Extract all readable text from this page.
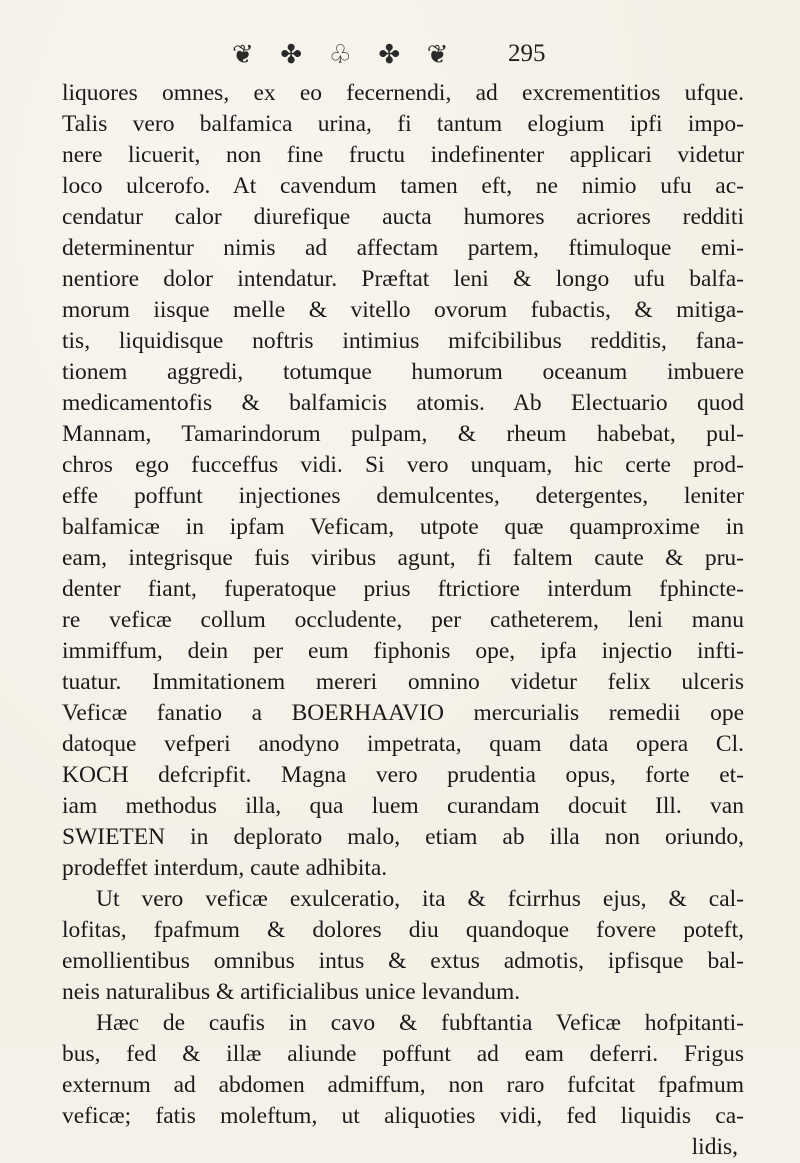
❦ ✤ ♧ ✤ ❦ 295
liquores omnes, ex eo fecernendi, ad excrementitios ufque.
Talis vero balfamica urina, fi tantum elogium ipfi impo-
nere licuerit, non fine fructu indefinenter applicari videtur
loco ulcerofo. At cavendum tamen eft, ne nimio ufu ac-
cendatur calor diurefique aucta humores acriores redditi
determinentur nimis ad affectam partem, ftimuloque emi-
nentiore dolor intendatur. Præftat leni & longo ufu balfa-
morum iisque melle & vitello ovorum fubactis, & mitiga-
tis, liquidisque noftris intimius mifcibilibus redditis, fana-
tionem aggredi, totumque humorum oceanum imbuere
medicamentofis & balfamicis atomis. Ab Electuario quod
Mannam, Tamarindorum pulpam, & rheum habebat, pul-
chros ego fucceffus vidi. Si vero unquam, hic certe prod-
effe poffunt injectiones demulcentes, detergentes, leniter
balfamicæ in ipfam Veficam, utpote quæ quamproxime in
eam, integrisque fuis viribus agunt, fi faltem caute & pru-
denter fiant, fuperatoque prius ftrictiore interdum fphincte-
re veficæ collum occludente, per catheterem, leni manu
immiffum, dein per eum fiphonis ope, ipfa injectio infti-
tuatur. Immitationem mereri omnino videtur felix ulceris
Veficæ fanatio a BOERHAAVIO mercurialis remedii ope
datoque vefperi anodyno impetrata, quam data opera Cl.
KOCH defcripfit. Magna vero prudentia opus, forte et-
iam methodus illa, qua luem curandam docuit Ill. van
SWIETEN in deplorato malo, etiam ab illa non oriundo,
prodeffet interdum, caute adhibita.
Ut vero veficæ exulceratio, ita & fcirrhus ejus, & cal-
lofitas, fpafmum & dolores diu quandoque fovere poteft,
emollientibus omnibus intus & extus admotis, ipfisque bal-
neis naturalibus & artificialibus unice levandum.
Hæc de caufis in cavo & fubftantia Veficæ hofpitanti-
bus, fed & illæ aliunde poffunt ad eam deferri. Frigus
externum ad abdomen admiffum, non raro fufcitat fpafmum
veficæ; fatis moleftum, ut aliquoties vidi, fed liquidis ca-
lidis,
